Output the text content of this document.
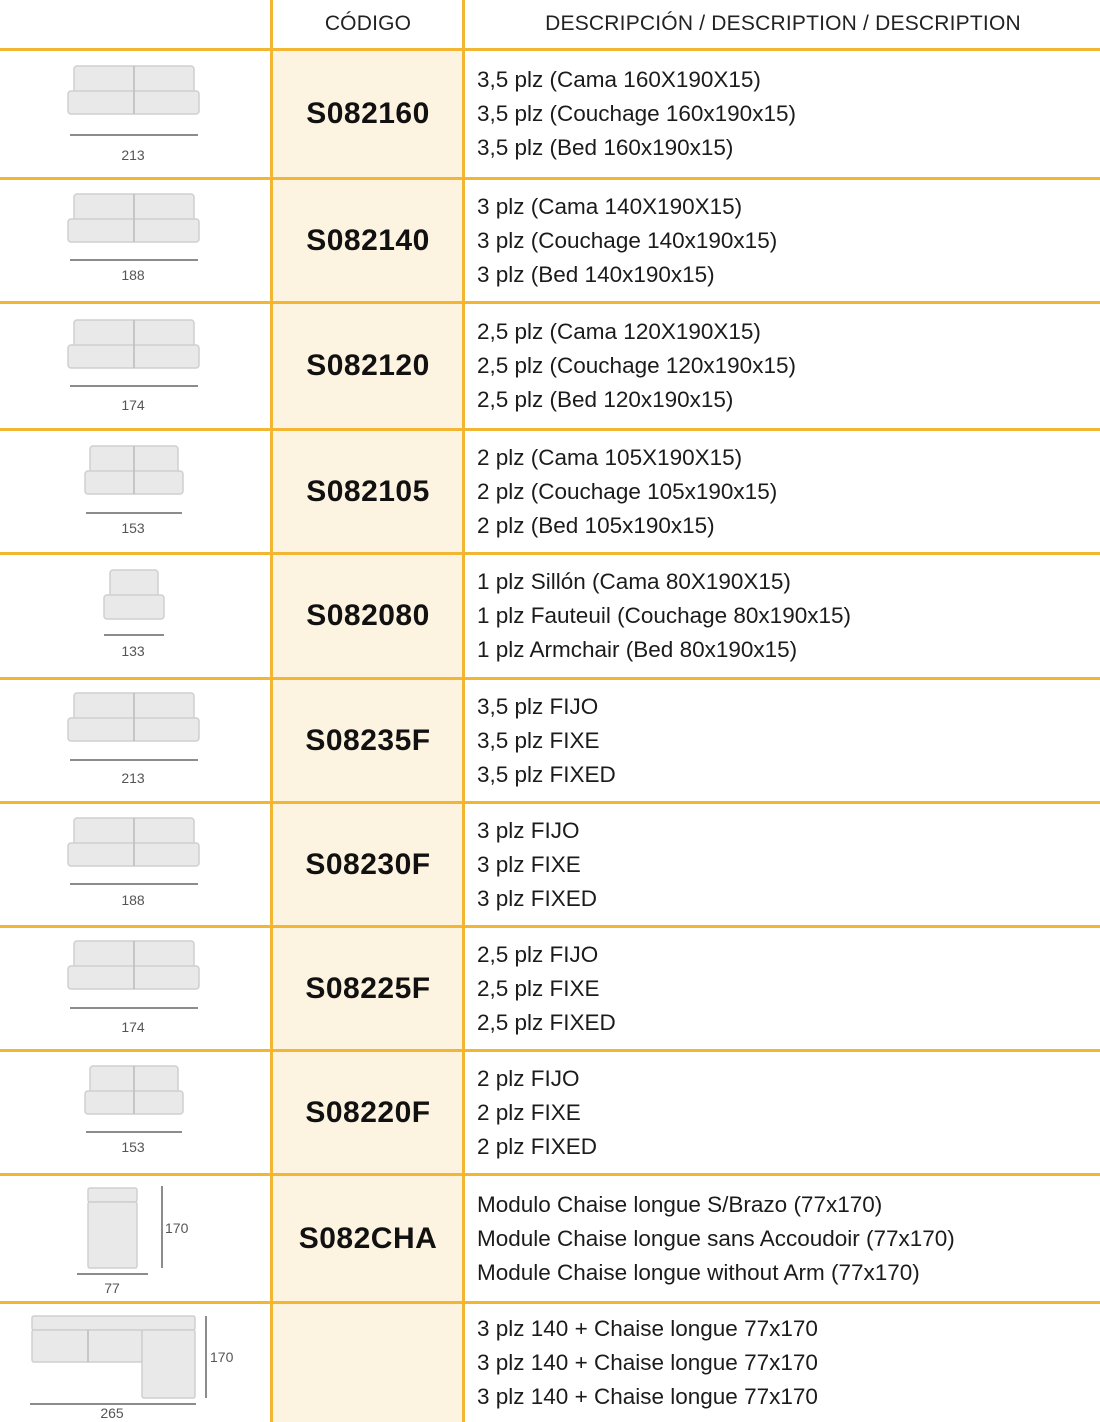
CÓDIGO	DESCRIPCIÓN / DESCRIPTION / DESCRIPTION
213
S082160
3,5 plz (Cama 160X190X15)
3,5 plz (Couchage 160x190x15)
3,5 plz (Bed 160x190x15)
188
S082140
3 plz (Cama 140X190X15)
3 plz (Couchage 140x190x15)
3 plz (Bed 140x190x15)
174
S082120
2,5 plz (Cama 120X190X15)
2,5 plz (Couchage 120x190x15)
2,5 plz (Bed 120x190x15)
153
S082105
2 plz (Cama 105X190X15)
2 plz (Couchage 105x190x15)
2 plz (Bed 105x190x15)
133
S082080
1 plz Sillón (Cama 80X190X15)
1 plz Fauteuil (Couchage 80x190x15)
1 plz Armchair (Bed 80x190x15)
213
S08235F
3,5 plz FIJO
3,5 plz FIXE
3,5 plz FIXED
188
S08230F
3 plz FIJO
3 plz FIXE
3 plz FIXED
174
S08225F
2,5 plz FIJO
2,5 plz FIXE
2,5 plz FIXED
153
S08220F
2 plz FIJO
2 plz FIXE
2 plz FIXED
170
77
S082CHA
Modulo Chaise longue S/Brazo (77x170)
Module Chaise longue sans Accoudoir (77x170)
Module Chaise longue without Arm (77x170)
170
265
3 plz 140 + Chaise longue 77x170
3 plz 140 + Chaise longue 77x170
3 plz 140 + Chaise longue 77x170
